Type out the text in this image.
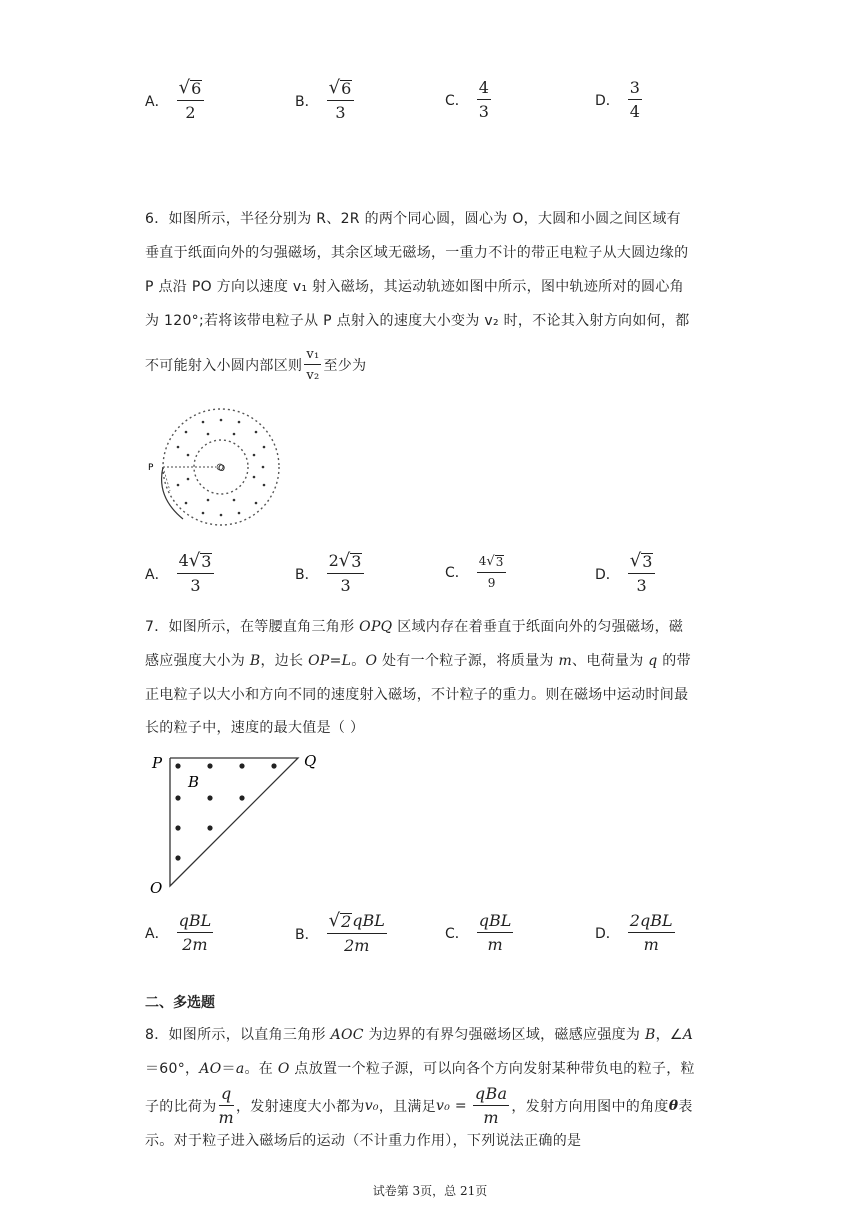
A． $\frac{√ 6}{2}$	B． $\frac{√ 6}{3}$	C． $\frac{4}{3}$	D． $\frac{3}{4}$
6．如图所示，半径分别为 R、2R 的两个同心圆，圆心为 O，大圆和小圆之间区域有
垂直于纸面向外的匀强磁场，其余区域无磁场，一重力不计的带正电粒子从大圆边缘的
P 点沿 PO 方向以速度 v₁ 射入磁场，其运动轨迹如图中所示，图中轨迹所对的圆心角
为 120°;若将该带电粒子从 P 点射入的速度大小变为 v₂ 时，不论其入射方向如何，都
不可能射入小圆内部区则 $\frac{\text{v₁}}{\text{v₂}}$ 至少为
P	O
A． $\frac{4 √ 3}{3}$	B． $\frac{2 √ 3}{3}$	C． $\frac{4 √ 3}{9}$	D． $\frac{√ 3}{3}$
7．如图所示，在等腰直角三角形 OPQ 区域内存在着垂直于纸面向外的匀强磁场，磁
感应强度大小为 B，边长 OP=L。O 处有一个粒子源，将质量为 m、电荷量为 q 的带
正电粒子以大小和方向不同的速度射入磁场，不计粒子的重力。则在磁场中运动时间最
长的粒子中，速度的最大值是（ ）
P	Q
O
B
A． $\frac{\text{qBL}}{2m}$	B． $\frac{\text{√ 2 qBL}}{2m}$	C． $\frac{\text{qBL}}{m}$	D． $\frac{\text{2qBL}}{m}$
二、多选题
8．如图所示，以直角三角形 AOC 为边界的有界匀强磁场区域，磁感应强度为 B，∠A
＝60°，AO＝a。在 O 点放置一个粒子源，可以向各个方向发射某种带负电的粒子，粒
子的比荷为 $\frac{q}{m}$ ，发射速度大小都为 v₀ ，且满足 $v_0 = \frac{\text{qBa}}{m}$ ，发射方向用图中的角度 θ 表
示。对于粒子进入磁场后的运动（不计重力作用），下列说法正确的是
试卷第 3页，总 21页
